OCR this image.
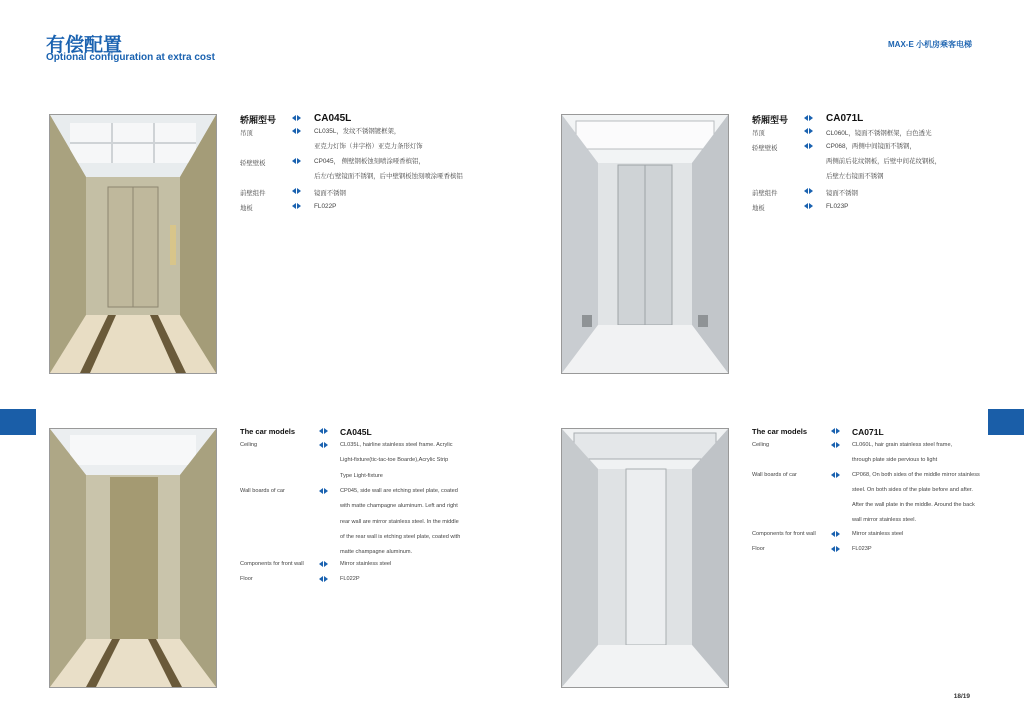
有偿配置
Optional configuration at extra cost
MAX-E 小机房乘客电梯
轿厢型号	CA045L
吊顶	CL035L，发纹不锈钢镀框架，
亚克力灯饰（井字格）亚克力条形灯饰
轿壁壁板	CP045， 侧壁钢板蚀刻喷涂哑香槟铝，
后左/右壁镜面不锈钢，后中壁钢板蚀刻喷涂哑香槟铝
前壁组件	镜面不锈钢
地板	FL022P
轿厢型号	CA071L
吊顶	CL060L，镜面不锈钢框架，白色透光
轿壁壁板	CP068，两侧中间镜面不锈钢，
两侧前后花纹钢板，后壁中间花纹钢板，
后壁左右镜面不锈钢
前壁组件	镜面不锈钢
地板	FL023P
The car models	CA045L
Ceiling	CL035L, hairline stainless steel frame. Acrylic
Light-fixture(tic-tac-toe Boarde),Acrylic Strip
Type Light-fixture
Wall boards of car	CP045, side wall are etching steel plate, coated
with matte champagne aluminum. Left and right
rear wall are mirror stainless steel. In the middle
of the rear wall is etching steel plate, coated with
matte champagne aluminum.
Components for front wall	Mirror stainless steel
Floor	FL022P
The car models	CA071L
Ceiling	CL060L, hair grain stainless steel frame,
through plate side pervious to light
Wall boards of car	CP068, On both sides of the middle mirror stainless
steel. On both sides of the plate before and after.
After the wall plate in the middle. Around the back
wall mirror stainless steel.
Components for front wall	Mirror stainless steel
Floor	FL023P
18/19
